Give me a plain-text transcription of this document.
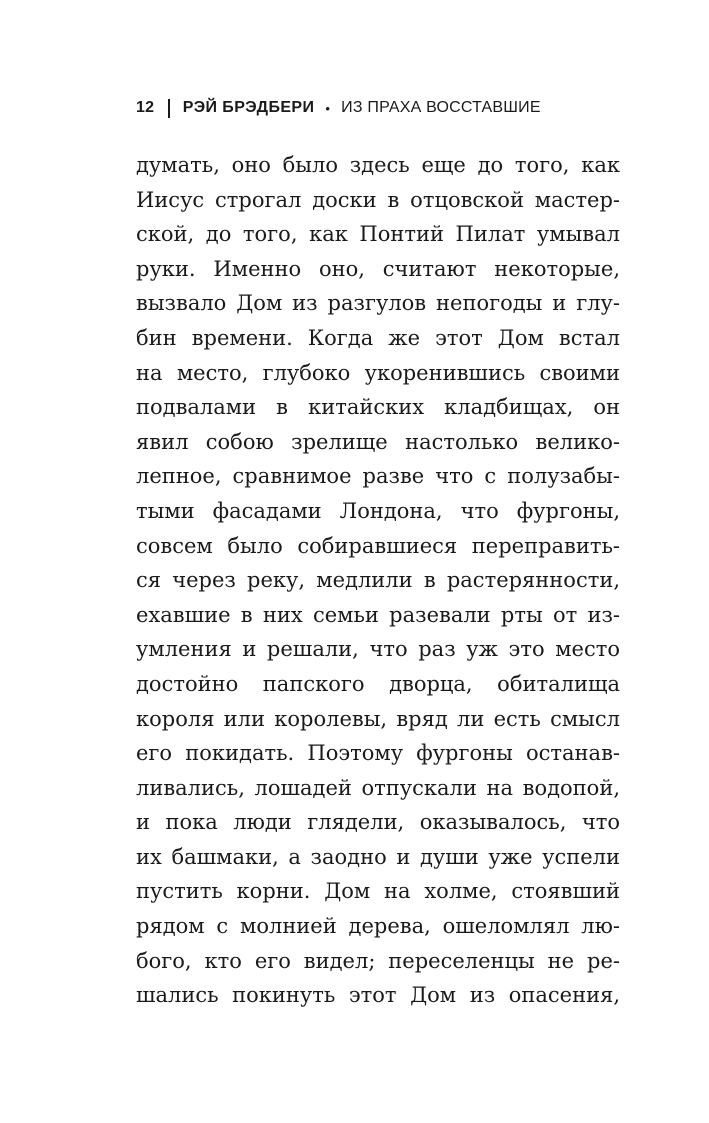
12 РЭЙ БРЭДБЕРИ • ИЗ ПРАХА ВОССТАВШИЕ
думать, оно было здесь еще до того, как
Иисус строгал доски в отцовской мастер-
ской, до того, как Понтий Пилат умывал
руки. Именно оно, считают некоторые,
вызвало Дом из разгулов непогоды и глу-
бин времени. Когда же этот Дом встал
на место, глубоко укоренившись своими
подвалами в китайских кладбищах, он
явил собою зрелище настолько велико-
лепное, сравнимое разве что с полузабы-
тыми фасадами Лондона, что фургоны,
совсем было собиравшиеся переправить-
ся через реку, медлили в растерянности,
ехавшие в них семьи разевали рты от из-
умления и решали, что раз уж это место
достойно папского дворца, обиталища
короля или королевы, вряд ли есть смысл
его покидать. Поэтому фургоны останав-
ливались, лошадей отпускали на водопой,
и пока люди глядели, оказывалось, что
их башмаки, а заодно и души уже успели
пустить корни. Дом на холме, стоявший
рядом с молнией дерева, ошеломлял лю-
бого, кто его видел; переселенцы не ре-
шались покинуть этот Дом из опасения,
